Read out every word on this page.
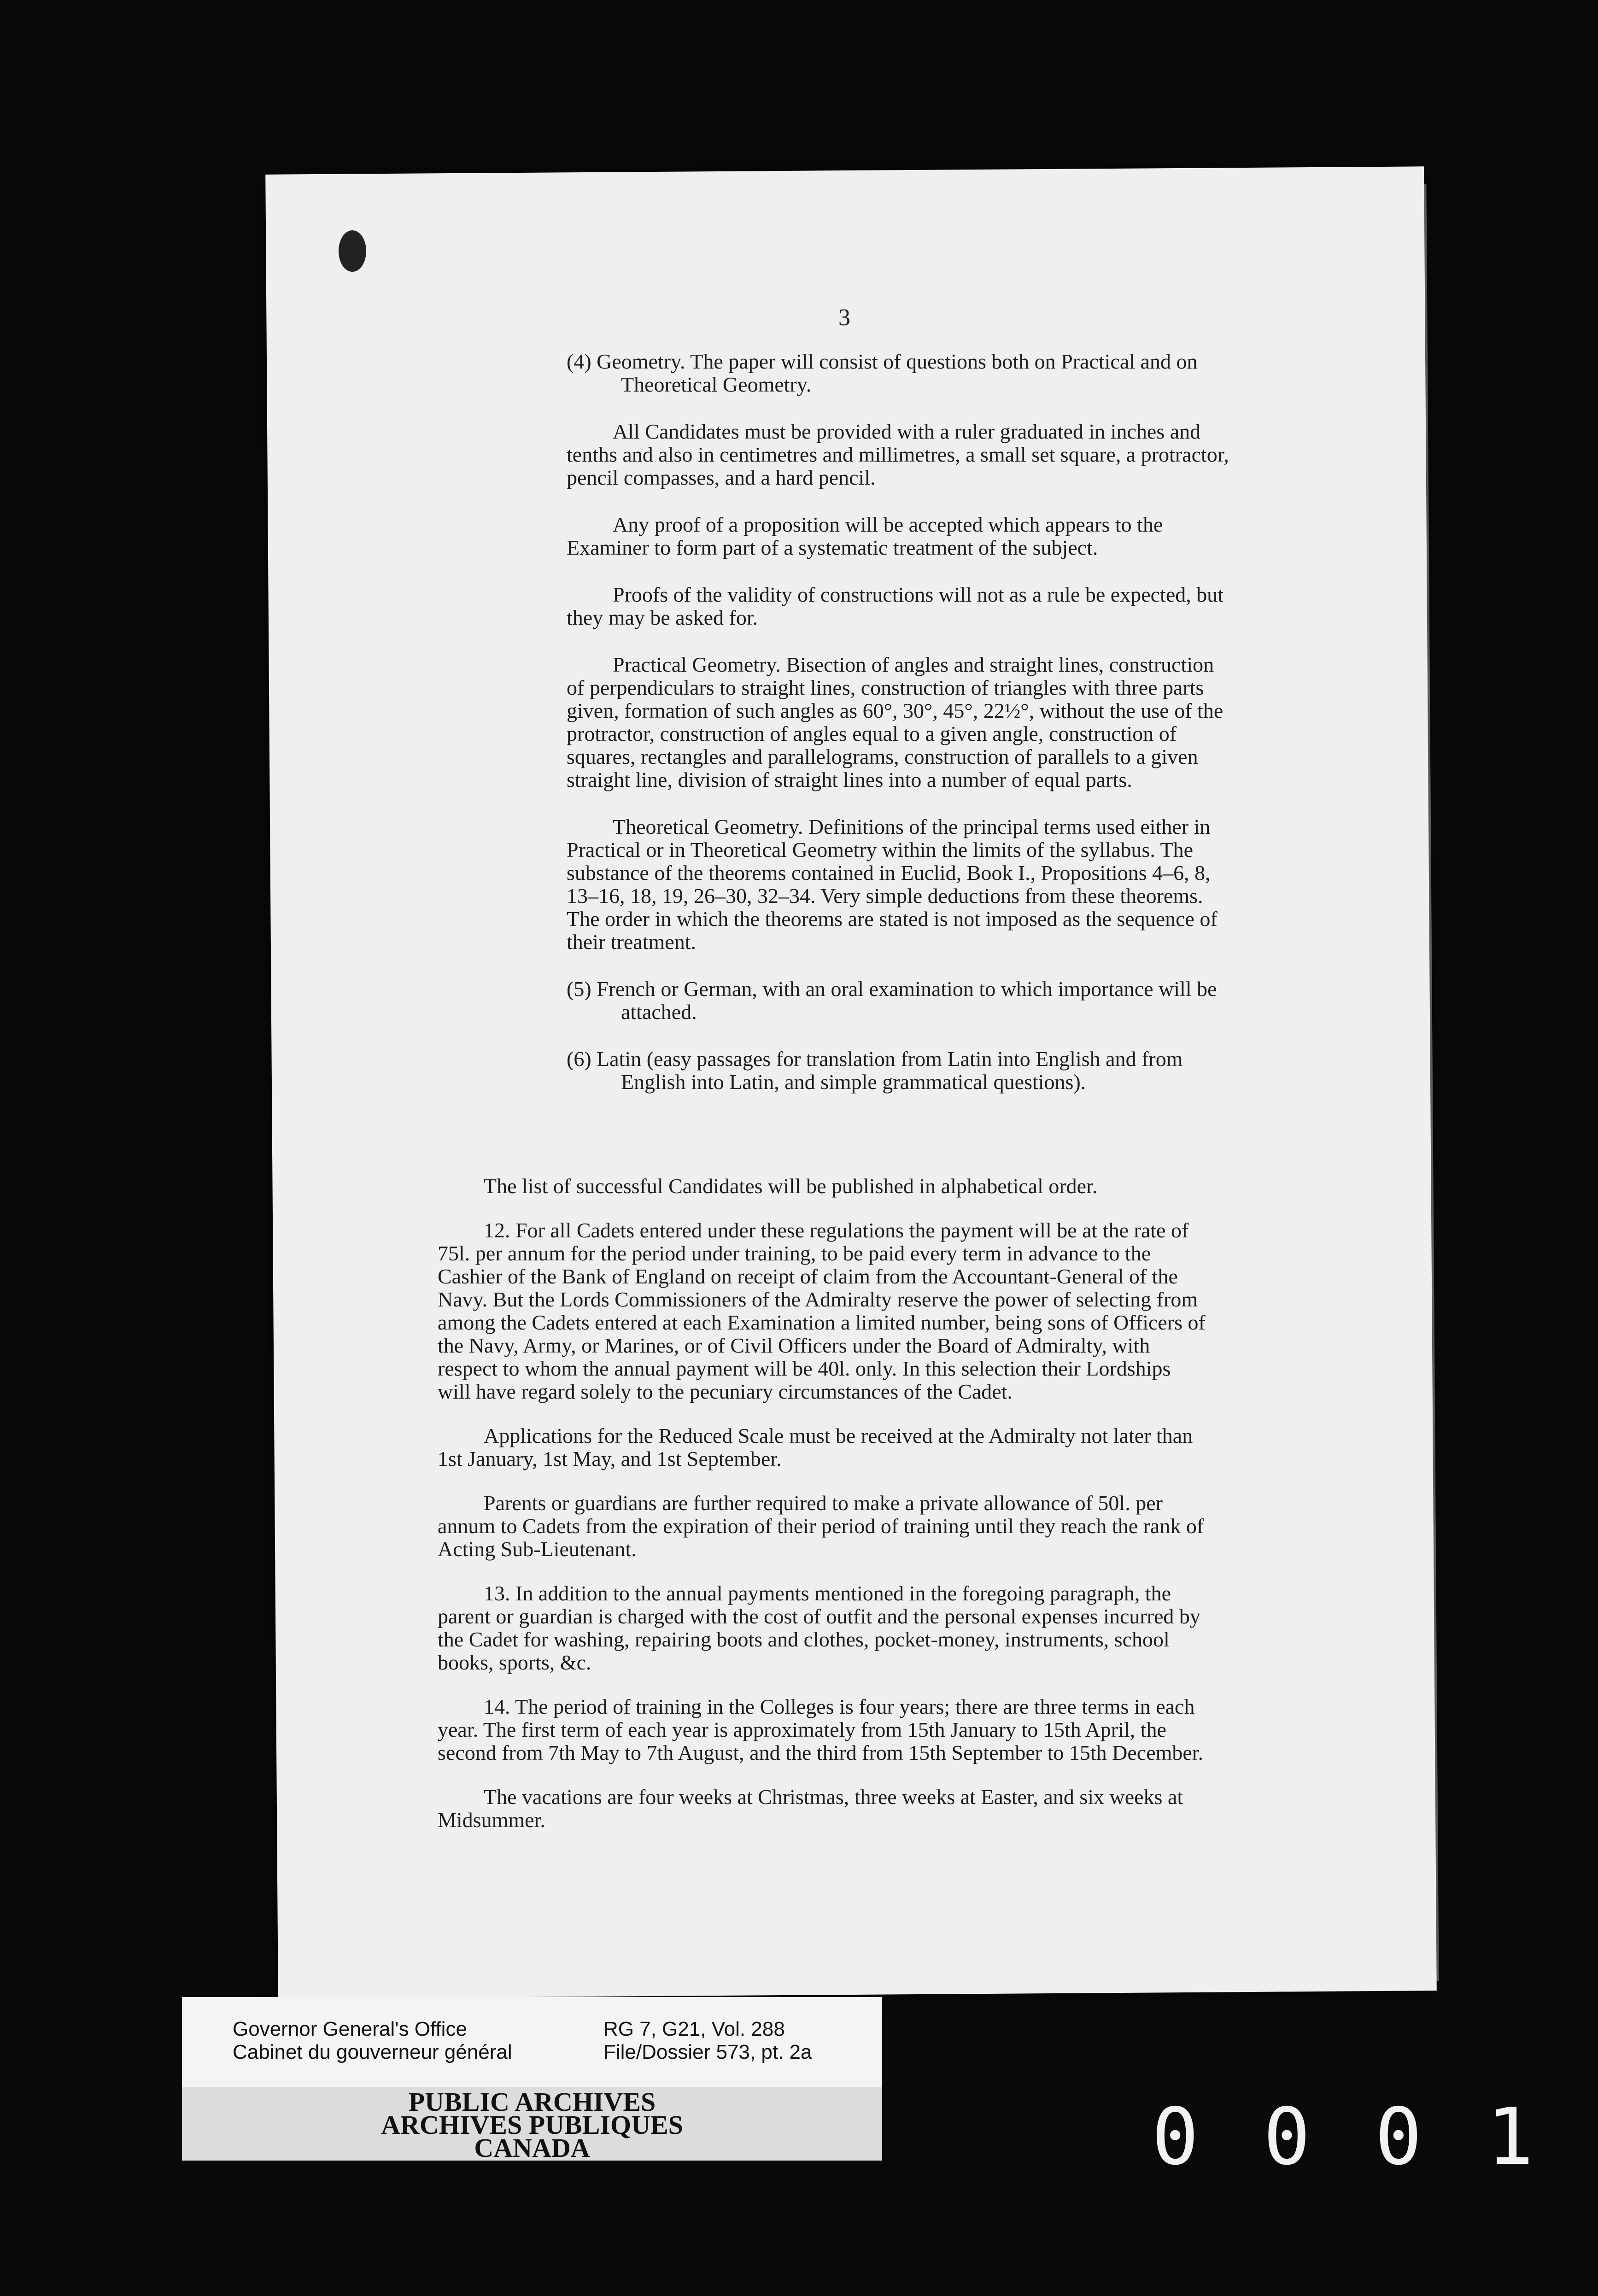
3

(4) Geometry. The paper will consist of questions both on Practical and on Theoretical Geometry.

All Candidates must be provided with a ruler graduated in inches and tenths and also in centimetres and millimetres, a small set square, a protractor, pencil compasses, and a hard pencil.

Any proof of a proposition will be accepted which appears to the Examiner to form part of a systematic treatment of the subject.

Proofs of the validity of constructions will not as a rule be expected, but they may be asked for.

Practical Geometry. Bisection of angles and straight lines, construction of perpendiculars to straight lines, construction of triangles with three parts given, formation of such angles as 60°, 30°, 45°, 22½°, without the use of the protractor, construction of angles equal to a given angle, construction of squares, rectangles and parallelograms, construction of parallels to a given straight line, division of straight lines into a number of equal parts.

Theoretical Geometry. Definitions of the principal terms used either in Practical or in Theoretical Geometry within the limits of the syllabus. The substance of the theorems contained in Euclid, Book I., Propositions 4–6, 8, 13–16, 18, 19, 26–30, 32–34. Very simple deductions from these theorems. The order in which the theorems are stated is not imposed as the sequence of their treatment.

(5) French or German, with an oral examination to which importance will be attached.

(6) Latin (easy passages for translation from Latin into English and from English into Latin, and simple grammatical questions).

The list of successful Candidates will be published in alphabetical order.

12. For all Cadets entered under these regulations the payment will be at the rate of 75l. per annum for the period under training, to be paid every term in advance to the Cashier of the Bank of England on receipt of claim from the Accountant-General of the Navy. But the Lords Commissioners of the Admiralty reserve the power of selecting from among the Cadets entered at each Examination a limited number, being sons of Officers of the Navy, Army, or Marines, or of Civil Officers under the Board of Admiralty, with respect to whom the annual payment will be 40l. only. In this selection their Lordships will have regard solely to the pecuniary circumstances of the Cadet.

Applications for the Reduced Scale must be received at the Admiralty not later than 1st January, 1st May, and 1st September.

Parents or guardians are further required to make a private allowance of 50l. per annum to Cadets from the expiration of their period of training until they reach the rank of Acting Sub-Lieutenant.

13. In addition to the annual payments mentioned in the foregoing paragraph, the parent or guardian is charged with the cost of outfit and the personal expenses incurred by the Cadet for washing, repairing boots and clothes, pocket-money, instruments, school books, sports, &c.

14. The period of training in the Colleges is four years; there are three terms in each year. The first term of each year is approximately from 15th January to 15th April, the second from 7th May to 7th August, and the third from 15th September to 15th December.

The vacations are four weeks at Christmas, three weeks at Easter, and six weeks at Midsummer.

Governor General's Office
Cabinet du gouverneur général
RG 7, G21, Vol. 288
File/Dossier 573, pt. 2a
PUBLIC ARCHIVES
ARCHIVES PUBLIQUES
CANADA	0001
